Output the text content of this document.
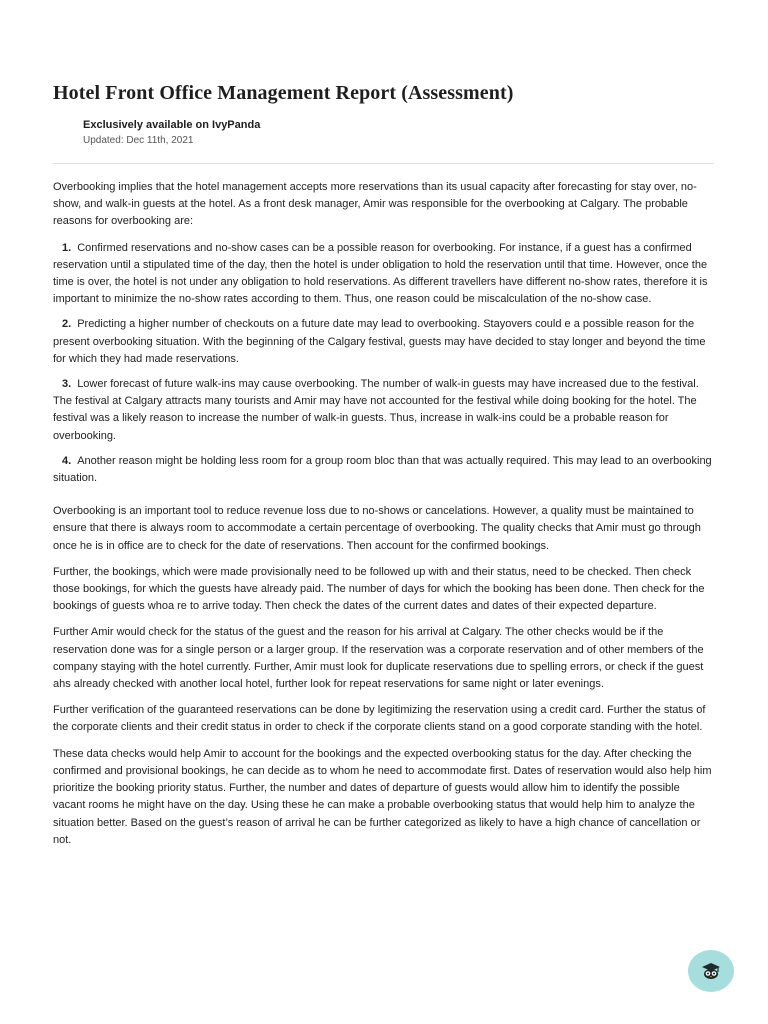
Hotel Front Office Management Report (Assessment)
Exclusively available on IvyPanda
Updated: Dec 11th, 2021

Overbooking implies that the hotel management accepts more reservations than its usual capacity after forecasting for stay over, no-show, and walk-in guests at the hotel. As a front desk manager, Amir was responsible for the overbooking at Calgary. The probable reasons for overbooking are:

1. Confirmed reservations and no-show cases can be a possible reason for overbooking. For instance, if a guest has a confirmed reservation until a stipulated time of the day, then the hotel is under obligation to hold the reservation until that time. However, once the time is over, the hotel is not under any obligation to hold reservations. As different travellers have different no-show rates, therefore it is important to minimize the no-show rates according to them. Thus, one reason could be miscalculation of the no-show case.

2. Predicting a higher number of checkouts on a future date may lead to overbooking. Stayovers could e a possible reason for the present overbooking situation. With the beginning of the Calgary festival, guests may have decided to stay longer and beyond the time for which they had made reservations.

3. Lower forecast of future walk-ins may cause overbooking. The number of walk-in guests may have increased due to the festival. The festival at Calgary attracts many tourists and Amir may have not accounted for the festival while doing booking for the hotel. The festival was a likely reason to increase the number of walk-in guests. Thus, increase in walk-ins could be a probable reason for overbooking.

4. Another reason might be holding less room for a group room bloc than that was actually required. This may lead to an overbooking situation.

Overbooking is an important tool to reduce revenue loss due to no-shows or cancelations. However, a quality must be maintained to ensure that there is always room to accommodate a certain percentage of overbooking. The quality checks that Amir must go through once he is in office are to check for the date of reservations. Then account for the confirmed bookings.

Further, the bookings, which were made provisionally need to be followed up with and their status, need to be checked. Then check those bookings, for which the guests have already paid. The number of days for which the booking has been done. Then check for the bookings of guests whoa re to arrive today. Then check the dates of the current dates and dates of their expected departure.

Further Amir would check for the status of the guest and the reason for his arrival at Calgary. The other checks would be if the reservation done was for a single person or a larger group. If the reservation was a corporate reservation and of other members of the company staying with the hotel currently. Further, Amir must look for duplicate reservations due to spelling errors, or check if the guest ahs already checked with another local hotel, further look for repeat reservations for same night or later evenings.

Further verification of the guaranteed reservations can be done by legitimizing the reservation using a credit card. Further the status of the corporate clients and their credit status in order to check if the corporate clients stand on a good corporate standing with the hotel.

These data checks would help Amir to account for the bookings and the expected overbooking status for the day. After checking the confirmed and provisional bookings, he can decide as to whom he need to accommodate first. Dates of reservation would also help him prioritize the booking priority status. Further, the number and dates of departure of guests would allow him to identify the possible vacant rooms he might have on the day. Using these he can make a probable overbooking status that would help him to analyze the situation better. Based on the guest’s reason of arrival he can be further categorized as likely to have a high chance of cancellation or not.
